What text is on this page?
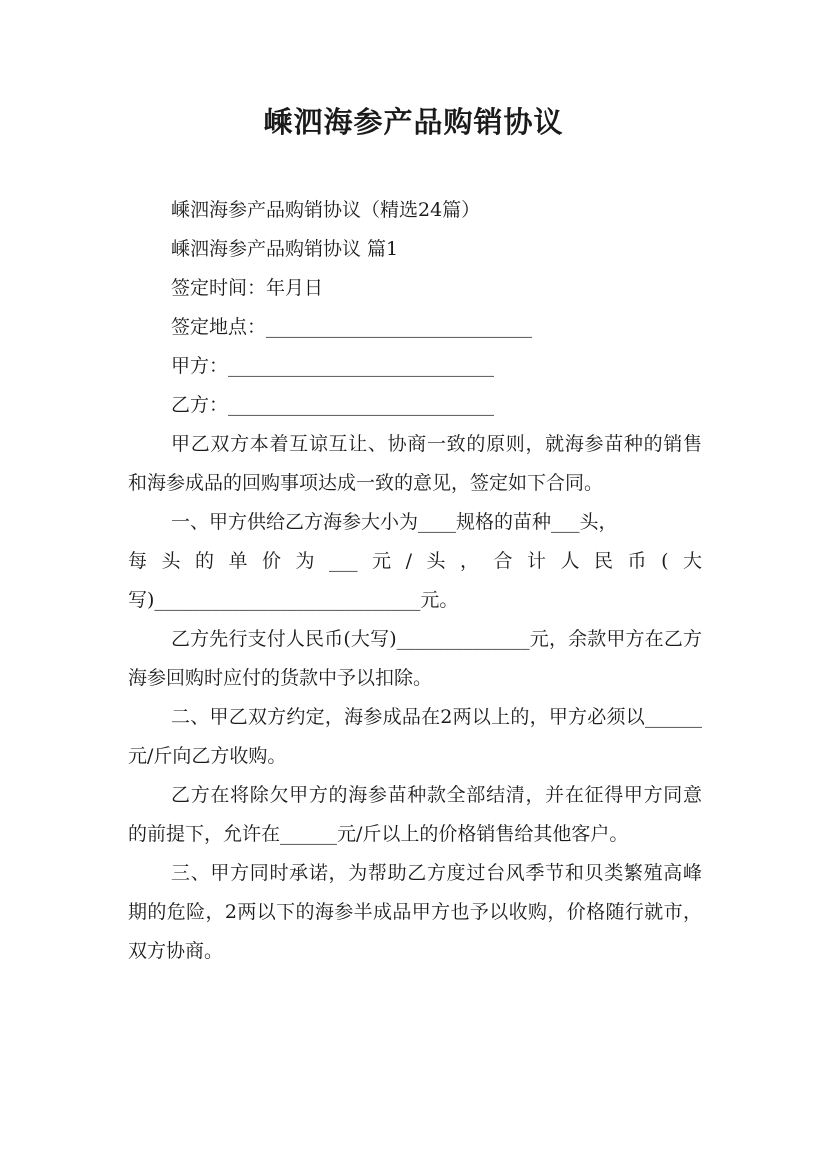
嵊泗海参产品购销协议

嵊泗海参产品购销协议（精选24篇）

嵊泗海参产品购销协议 篇1

签定时间：年月日

签定地点：____________________________

甲方：____________________________

乙方：____________________________

甲乙双方本着互谅互让、协商一致的原则，就海参苗种的销售和海参成品的回购事项达成一致的意见，签定如下合同。

一、甲方供给乙方海参大小为____规格的苗种___头，

每头的单价为___元/头，合计人民币(大

写)____________________________元。

乙方先行支付人民币(大写)______________元，余款甲方在乙方海参回购时应付的货款中予以扣除。

二、甲乙双方约定，海参成品在2两以上的，甲方必须以______元/斤向乙方收购。

乙方在将除欠甲方的海参苗种款全部结清，并在征得甲方同意的前提下，允许在______元/斤以上的价格销售给其他客户。

三、甲方同时承诺，为帮助乙方度过台风季节和贝类繁殖高峰期的危险，2两以下的海参半成品甲方也予以收购，价格随行就市，双方协商。
